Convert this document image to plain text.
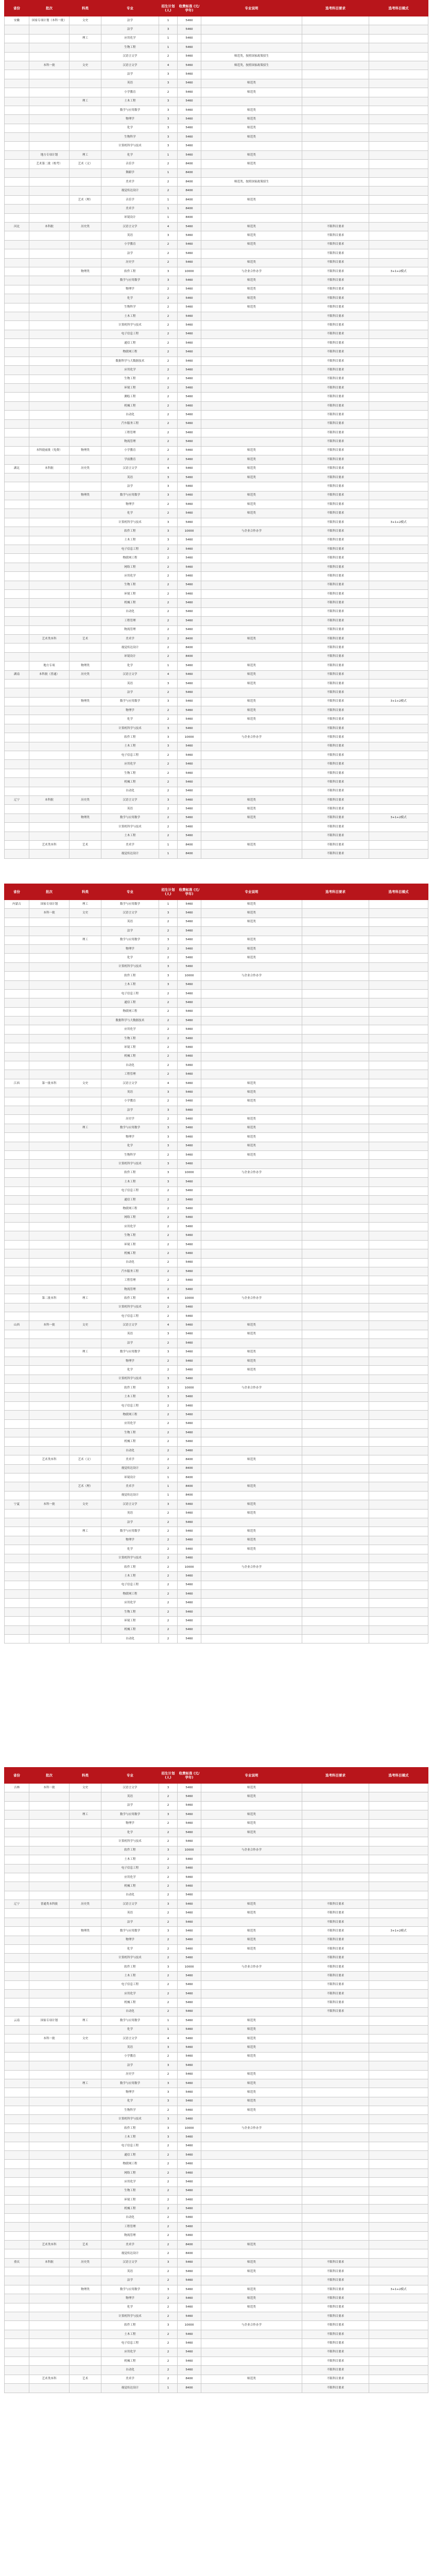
省份	批次	科类	专业	招生计划 (人)	收费标准 (元/学年)	专业说明	选考科目要求	选考科目模式
安徽	国家专项计划（本科一批）	文史	法学	1	5460			
			法学	3	5460			
		理工	应用化学	1	5460			
			生物工程	1	5460			
			汉语言文学	2	5460	师范类，按照国家政策招生		
	本科一批	文史	汉语言文学	4	5460	师范类，按照国家政策招生		
			法学	3	5460			
			英语	3	5460	师范类		
			小学教育	2	5460	师范类		
		理工	土木工程	3	5460			
			数学与应用数学	3	5460	师范类		
			物理学	3	5460	师范类		
			化学	3	5460	师范类		
			生物科学	3	5460	师范类		
			计算机科学与技术	3	5460			
	地方专项计划	理工	化学	1	5460	师范类		
	艺术第二批（校考）	艺术（文）	音乐学	2	8400	师范类		
			舞蹈学	1	8400			
			美术学	2	8400	师范类，按照国家政策招生		
			视觉传达设计	2	8400			
		艺术（理）	音乐学	1	8400	师范类		
			美术学	1	8400			
			环境设计	1	8400			
河北	本科批	历史类	汉语言文学	4	5460	师范类	不限科目要求	
			英语	3	5460	师范类	不限科目要求	
			小学教育	2	5460	师范类	不限科目要求	
			法学	2	5460		不限科目要求	
			历史学	2	5460	师范类	不限科目要求	
		物理类	软件工程	3	10000	与企业合作办学	不限科目要求	3+1+2模式
			数学与应用数学	3	5460	师范类	不限科目要求	
			物理学	2	5460	师范类	不限科目要求	
			化学	2	5460	师范类	不限科目要求	
			生物科学	2	5460	师范类	不限科目要求	
			土木工程	2	5460		不限科目要求	
			计算机科学与技术	2	5460		不限科目要求	
			电子信息工程	2	5460		不限科目要求	
			通信工程	2	5460		不限科目要求	
			物联网工程	2	5460		不限科目要求	
			数据科学与大数据技术	2	5460		不限科目要求	
			应用化学	2	5460		不限科目要求	
			生物工程	2	5460		不限科目要求	
			环境工程	2	5460		不限科目要求	
			测绘工程	2	5460		不限科目要求	
			机械工程	2	5460		不限科目要求	
			自动化	2	5460		不限科目要求	
			汽车服务工程	2	5460		不限科目要求	
			工程管理	2	5460		不限科目要求	
			物流管理	2	5460		不限科目要求	
	本科提前批（免费）	物理类	小学教育	2	5460	师范类	不限科目要求	
			学前教育	2	5460	师范类	不限科目要求	
湖北	本科批	历史类	汉语言文学	4	5460	师范类	不限科目要求	
			英语	3	5460	师范类	不限科目要求	
			法学	3	5460		不限科目要求	
		物理类	数学与应用数学	3	5460	师范类	不限科目要求	
			物理学	2	5460	师范类	不限科目要求	
			化学	2	5460	师范类	不限科目要求	
			计算机科学与技术	3	5460		不限科目要求	3+1+2模式
			软件工程	3	10000	与企业合作办学	不限科目要求	
			土木工程	3	5460		不限科目要求	
			电子信息工程	2	5460		不限科目要求	
			物联网工程	2	5460		不限科目要求	
			网络工程	2	5460		不限科目要求	
			应用化学	2	5460		不限科目要求	
			生物工程	2	5460		不限科目要求	
			环境工程	2	5460		不限科目要求	
			机械工程	2	5460		不限科目要求	
			自动化	2	5460		不限科目要求	
			工程管理	2	5460		不限科目要求	
			物流管理	2	5460		不限科目要求	
	艺术类本科	艺术	美术学	2	8400	师范类	不限科目要求	
			视觉传达设计	2	8400		不限科目要求	
			环境设计	2	8400		不限科目要求	
	地方专项	物理类	化学	1	5460	师范类	不限科目要求	
湖南	本科批（普通）	历史类	汉语言文学	4	5460	师范类	不限科目要求	
			英语	3	5460	师范类	不限科目要求	
			法学	2	5460		不限科目要求	
		物理类	数学与应用数学	3	5460	师范类	不限科目要求	3+1+2模式
			物理学	2	5460	师范类	不限科目要求	
			化学	2	5460	师范类	不限科目要求	
			计算机科学与技术	3	5460		不限科目要求	
			软件工程	3	10000	与企业合作办学	不限科目要求	
			土木工程	3	5460		不限科目要求	
			电子信息工程	2	5460		不限科目要求	
			应用化学	2	5460		不限科目要求	
			生物工程	2	5460		不限科目要求	
			机械工程	2	5460		不限科目要求	
			自动化	2	5460		不限科目要求	
辽宁	本科批	历史类	汉语言文学	3	5460	师范类	不限科目要求	
			英语	2	5460	师范类	不限科目要求	
		物理类	数学与应用数学	2	5460	师范类	不限科目要求	3+1+2模式
			计算机科学与技术	2	5460		不限科目要求	
			土木工程	2	5460		不限科目要求	
	艺术类本科	艺术	美术学	1	8400	师范类	不限科目要求	
			视觉传达设计	1	8400		不限科目要求	
省份	批次	科类	专业	招生计划 (人)	收费标准 (元/学年)	专业说明	选考科目要求	选考科目模式
内蒙古	国家专项计划	理工	数学与应用数学	1	5460	师范类		
	本科一批	文史	汉语言文学	3	5460	师范类		
			英语	2	5460	师范类		
			法学	2	5460			
		理工	数学与应用数学	3	5460	师范类		
			物理学	2	5460	师范类		
			化学	2	5460	师范类		
			计算机科学与技术	3	5460			
			软件工程	3	10000	与企业合作办学		
			土木工程	3	5460			
			电子信息工程	2	5460			
			通信工程	2	5460			
			物联网工程	2	5460			
			数据科学与大数据技术	2	5460			
			应用化学	2	5460			
			生物工程	2	5460			
			环境工程	2	5460			
			机械工程	2	5460			
			自动化	2	5460			
			工程管理	2	5460			
江西	第一批本科	文史	汉语言文学	4	5460	师范类		
			英语	3	5460	师范类		
			小学教育	2	5460	师范类		
			法学	3	5460			
			历史学	2	5460	师范类		
		理工	数学与应用数学	3	5460	师范类		
			物理学	3	5460	师范类		
			化学	3	5460	师范类		
			生物科学	2	5460	师范类		
			计算机科学与技术	3	5460			
			软件工程	3	10000	与企业合作办学		
			土木工程	3	5460			
			电子信息工程	2	5460			
			通信工程	2	5460			
			物联网工程	2	5460			
			网络工程	2	5460			
			应用化学	2	5460			
			生物工程	2	5460			
			环境工程	2	5460			
			机械工程	2	5460			
			自动化	2	5460			
			汽车服务工程	2	5460			
			工程管理	2	5460			
			物流管理	2	5460			
	第二批本科	理工	软件工程	4	10000	与企业合作办学		
			计算机科学与技术	2	5460			
			电子信息工程	2	5460			
山西	本科一批	文史	汉语言文学	4	5460	师范类		
			英语	3	5460	师范类		
			法学	2	5460			
		理工	数学与应用数学	3	5460	师范类		
			物理学	2	5460	师范类		
			化学	2	5460	师范类		
			计算机科学与技术	3	5460			
			软件工程	3	10000	与企业合作办学		
			土木工程	3	5460			
			电子信息工程	2	5460			
			物联网工程	2	5460			
			应用化学	2	5460			
			生物工程	2	5460			
			机械工程	2	5460			
			自动化	2	5460			
	艺术类本科	艺术（文）	美术学	2	8400	师范类		
			视觉传达设计	2	8400			
			环境设计	1	8400			
		艺术（理）	美术学	1	8400	师范类		
			视觉传达设计	1	8400			
宁夏	本科一批	文史	汉语言文学	3	5460	师范类		
			英语	2	5460	师范类		
			法学	2	5460			
		理工	数学与应用数学	2	5460	师范类		
			物理学	2	5460	师范类		
			化学	2	5460	师范类		
			计算机科学与技术	2	5460			
			软件工程	2	10000	与企业合作办学		
			土木工程	2	5460			
			电子信息工程	2	5460			
			物联网工程	2	5460			
			应用化学	2	5460			
			生物工程	2	5460			
			环境工程	2	5460			
			机械工程	2	5460			
			自动化	2	5460			
省份	批次	科类	专业	招生计划 (人)	收费标准 (元/学年)	专业说明	选考科目要求	选考科目模式
吉林	本科一批	文史	汉语言文学	3	5460	师范类		
			英语	2	5460	师范类		
			法学	2	5460			
		理工	数学与应用数学	3	5460	师范类		
			物理学	2	5460	师范类		
			化学	2	5460	师范类		
			计算机科学与技术	2	5460			
			软件工程	3	10000	与企业合作办学		
			土木工程	2	5460			
			电子信息工程	2	5460			
			应用化学	2	5460			
			机械工程	2	5460			
			自动化	2	5460			
辽宁	普通类本科批	历史类	汉语言文学	3	5460	师范类	不限科目要求	
			英语	2	5460	师范类	不限科目要求	
			法学	2	5460		不限科目要求	
		物理类	数学与应用数学	3	5460	师范类	不限科目要求	3+1+2模式
			物理学	2	5460	师范类	不限科目要求	
			化学	2	5460	师范类	不限科目要求	
			计算机科学与技术	2	5460		不限科目要求	
			软件工程	3	10000	与企业合作办学	不限科目要求	
			土木工程	2	5460		不限科目要求	
			电子信息工程	2	5460		不限科目要求	
			应用化学	2	5460		不限科目要求	
			机械工程	2	5460		不限科目要求	
			自动化	2	5460		不限科目要求	
云南	国家专项计划	理工	数学与应用数学	1	5460	师范类		
			化学	1	5460	师范类		
	本科一批	文史	汉语言文学	4	5460	师范类		
			英语	3	5460	师范类		
			小学教育	2	5460	师范类		
			法学	3	5460			
			历史学	2	5460	师范类		
		理工	数学与应用数学	3	5460	师范类		
			物理学	3	5460	师范类		
			化学	3	5460	师范类		
			生物科学	2	5460	师范类		
			计算机科学与技术	3	5460			
			软件工程	3	10000	与企业合作办学		
			土木工程	3	5460			
			电子信息工程	2	5460			
			通信工程	2	5460			
			物联网工程	2	5460			
			网络工程	2	5460			
			应用化学	2	5460			
			生物工程	2	5460			
			环境工程	2	5460			
			机械工程	2	5460			
			自动化	2	5460			
			工程管理	2	5460			
			物流管理	2	5460			
	艺术类本科	艺术	美术学	2	8400	师范类		
			视觉传达设计	2	8400			
重庆	本科批	历史类	汉语言文学	3	5460	师范类	不限科目要求	
			英语	2	5460	师范类	不限科目要求	
			法学	2	5460		不限科目要求	
		物理类	数学与应用数学	3	5460	师范类	不限科目要求	3+1+2模式
			物理学	2	5460	师范类	不限科目要求	
			化学	2	5460	师范类	不限科目要求	
			计算机科学与技术	2	5460		不限科目要求	
			软件工程	3	10000	与企业合作办学	不限科目要求	
			土木工程	2	5460		不限科目要求	
			电子信息工程	2	5460		不限科目要求	
			应用化学	2	5460		不限科目要求	
			机械工程	2	5460		不限科目要求	
			自动化	2	5460		不限科目要求	
	艺术类本科	艺术	美术学	2	8400	师范类	不限科目要求	
			视觉传达设计	1	8400		不限科目要求	
